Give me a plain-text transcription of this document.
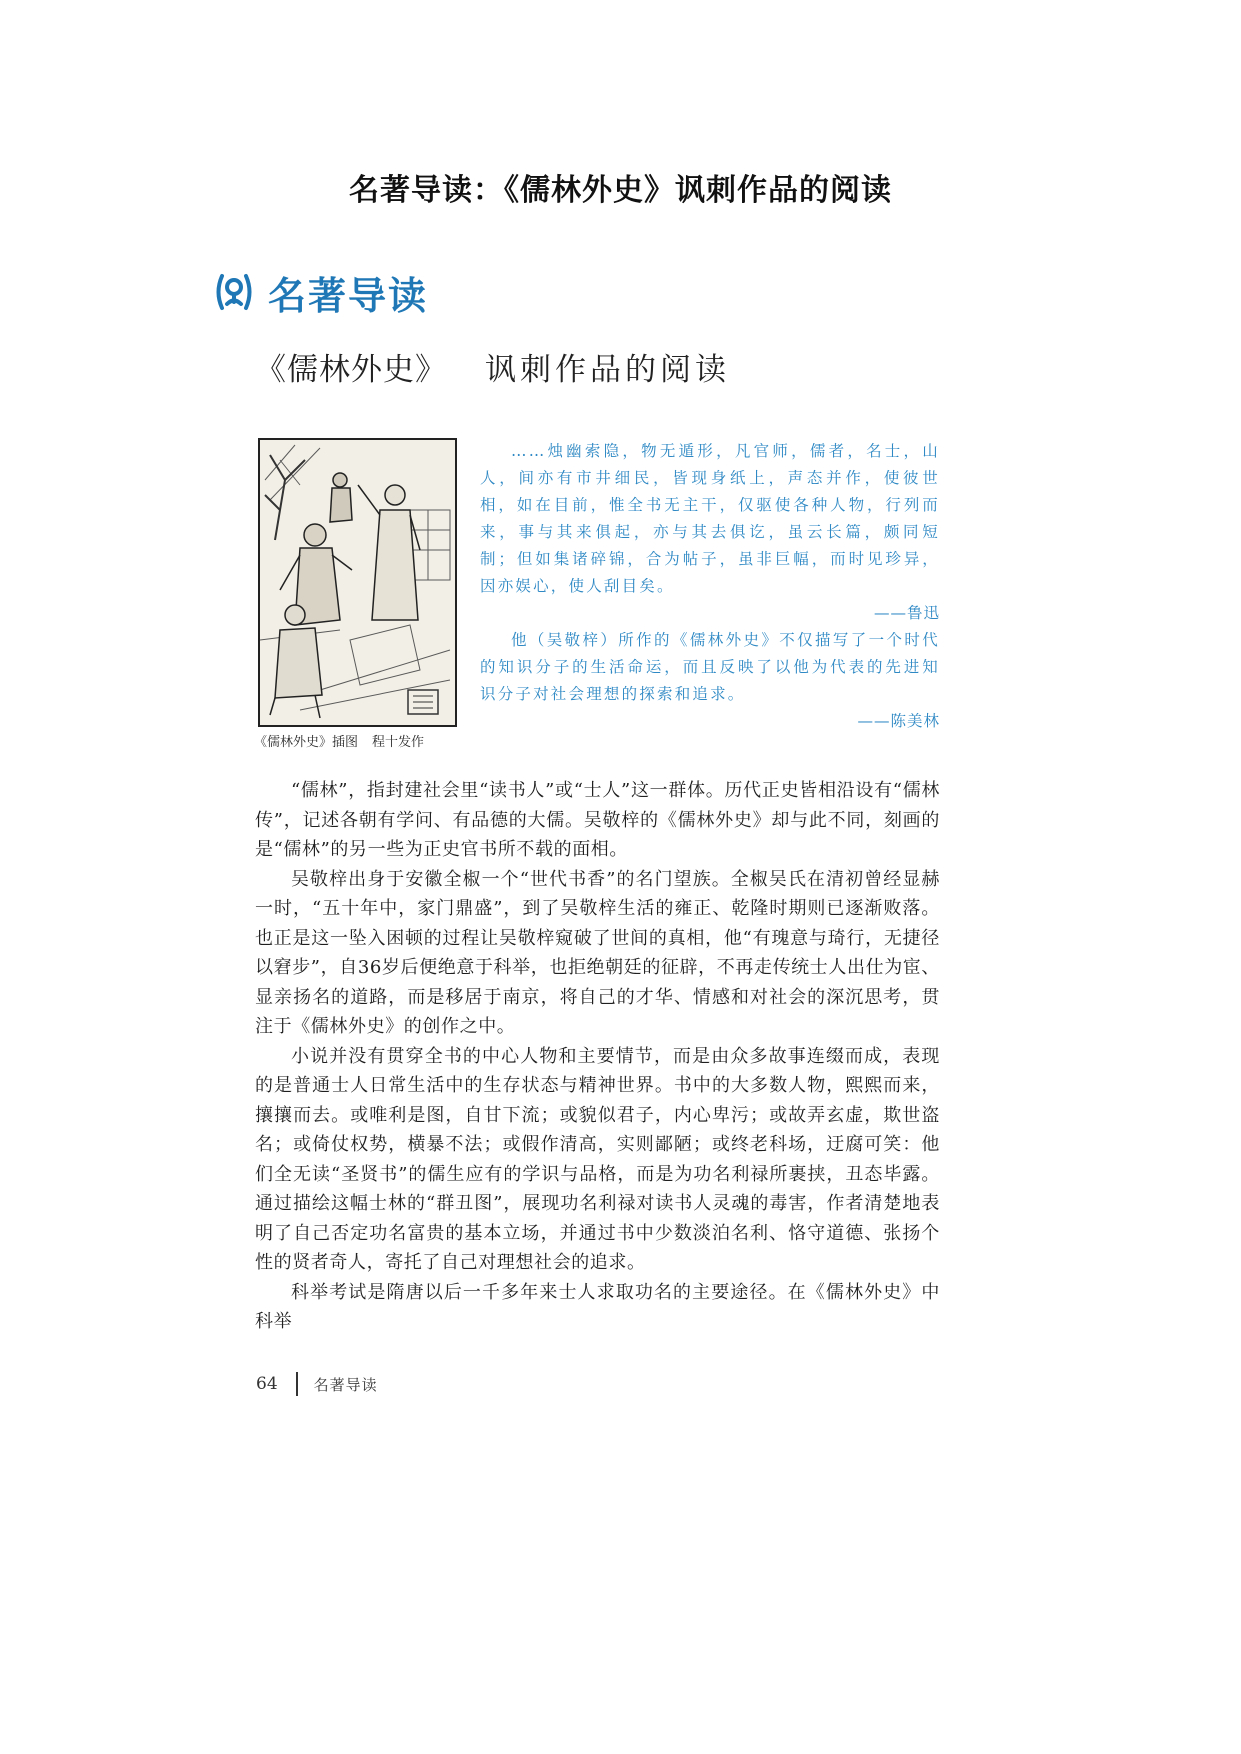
名著导读：《儒林外史》讽刺作品的阅读
名著导读
《儒林外史》 讽刺作品的阅读
《儒林外史》插图 程十发作

……烛幽索隐，物无遁形，凡官师，儒者，名士，山人，间亦有市井细民，皆现身纸上，声态并作，使彼世相，如在目前，惟全书无主干，仅驱使各种人物，行列而来，事与其来俱起，亦与其去俱讫，虽云长篇，颇同短制；但如集诸碎锦，合为帖子，虽非巨幅，而时见珍异，因亦娱心，使人刮目矣。

——鲁迅

他（吴敬梓）所作的《儒林外史》不仅描写了一个时代的知识分子的生活命运，而且反映了以他为代表的先进知识分子对社会理想的探索和追求。

——陈美林

“儒林”，指封建社会里“读书人”或“士人”这一群体。历代正史皆相沿设有“儒林传”，记述各朝有学问、有品德的大儒。吴敬梓的《儒林外史》却与此不同，刻画的是“儒林”的另一些为正史官书所不载的面相。

吴敬梓出身于安徽全椒一个“世代书香”的名门望族。全椒吴氏在清初曾经显赫一时，“五十年中，家门鼎盛”，到了吴敬梓生活的雍正、乾隆时期则已逐渐败落。也正是这一坠入困顿的过程让吴敬梓窥破了世间的真相，他“有瑰意与琦行，无捷径以窘步”，自36岁后便绝意于科举，也拒绝朝廷的征辟，不再走传统士人出仕为宦、显亲扬名的道路，而是移居于南京，将自己的才华、情感和对社会的深沉思考，贯注于《儒林外史》的创作之中。

小说并没有贯穿全书的中心人物和主要情节，而是由众多故事连缀而成，表现的是普通士人日常生活中的生存状态与精神世界。书中的大多数人物，熙熙而来，攘攘而去。或唯利是图，自甘下流；或貌似君子，内心卑污；或故弄玄虚，欺世盗名；或倚仗权势，横暴不法；或假作清高，实则鄙陋；或终老科场，迂腐可笑：他们全无读“圣贤书”的儒生应有的学识与品格，而是为功名利禄所裹挟，丑态毕露。通过描绘这幅士林的“群丑图”，展现功名利禄对读书人灵魂的毒害，作者清楚地表明了自己否定功名富贵的基本立场，并通过书中少数淡泊名利、恪守道德、张扬个性的贤者奇人，寄托了自己对理想社会的追求。

科举考试是隋唐以后一千多年来士人求取功名的主要途径。在《儒林外史》中科举

64 名著导读
